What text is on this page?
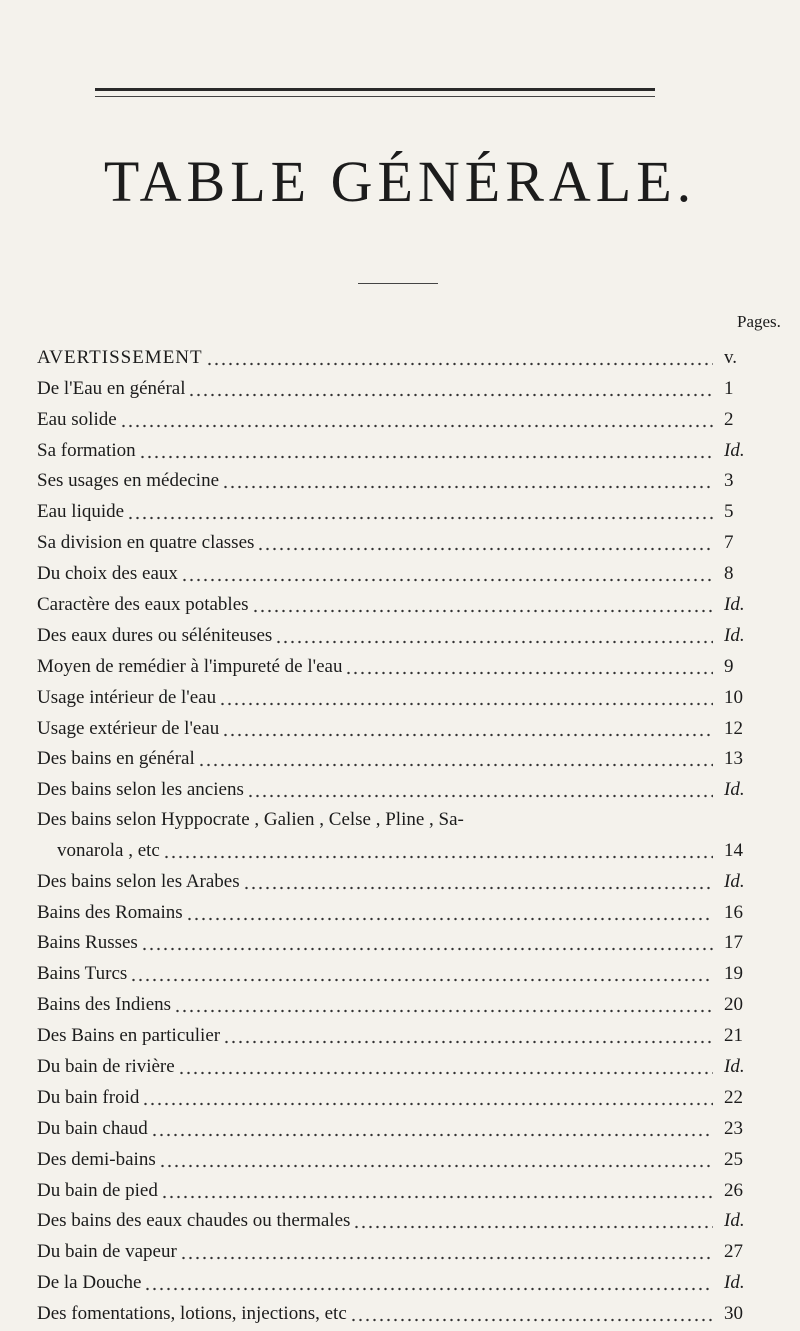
TABLE GÉNÉRALE.
Pages.
AVERTISSEMENT	v.
De l'Eau en général	1
Eau solide	2
Sa formation	Id.
Ses usages en médecine	3
Eau liquide	5
Sa division en quatre classes	7
Du choix des eaux	8
Caractère des eaux potables	Id.
Des eaux dures ou séléniteuses	Id.
Moyen de remédier à l'impureté de l'eau	9
Usage intérieur de l'eau	10
Usage extérieur de l'eau	12
Des bains en général	13
Des bains selon les anciens	Id.
Des bains selon Hyppocrate , Galien , Celse , Pline , Sa-
vonarola , etc	14
Des bains selon les Arabes	Id.
Bains des Romains	16
Bains Russes	17
Bains Turcs	19
Bains des Indiens	20
Des Bains en particulier	21
Du bain de rivière	Id.
Du bain froid	22
Du bain chaud	23
Des demi-bains	25
Du bain de pied	26
Des bains des eaux chaudes ou thermales	Id.
Du bain de vapeur	27
De la Douche	Id.
Des fomentations, lotions, injections, etc	30
